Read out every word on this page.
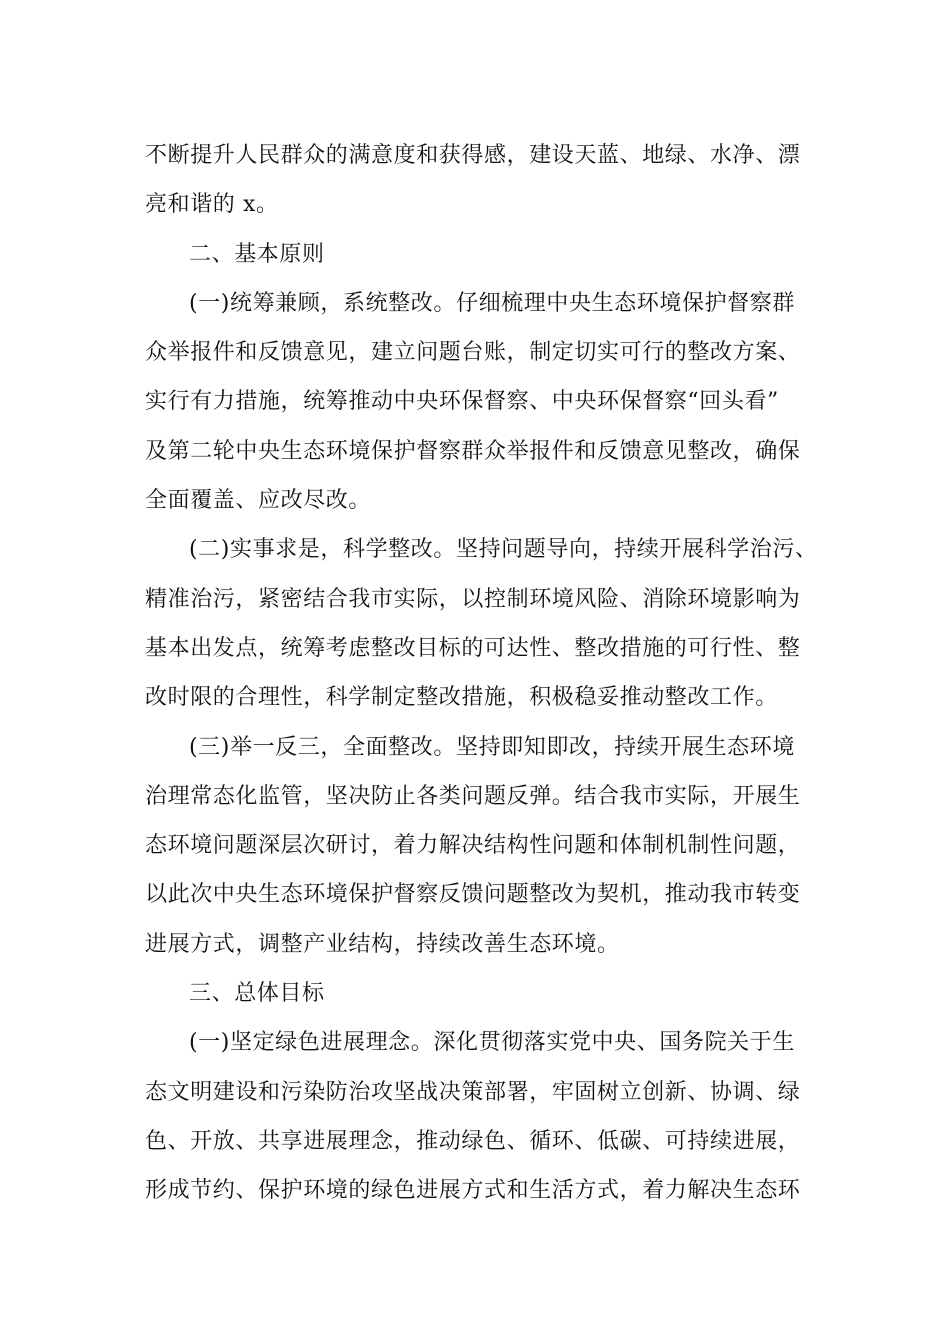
不断提升人民群众的满意度和获得感，建设天蓝、地绿、水净、漂
亮和谐的 x。
二、基本原则
(一)统筹兼顾，系统整改。仔细梳理中央生态环境保护督察群
众举报件和反馈意见，建立问题台账，制定切实可行的整改方案、
实行有力措施，统筹推动中央环保督察、中央环保督察“回头看”
及第二轮中央生态环境保护督察群众举报件和反馈意见整改，确保
全面覆盖、应改尽改。
(二)实事求是，科学整改。坚持问题导向，持续开展科学治污、
精准治污，紧密结合我市实际，以控制环境风险、消除环境影响为
基本出发点，统筹考虑整改目标的可达性、整改措施的可行性、整
改时限的合理性，科学制定整改措施，积极稳妥推动整改工作。
(三)举一反三，全面整改。坚持即知即改，持续开展生态环境
治理常态化监管，坚决防止各类问题反弹。结合我市实际，开展生
态环境问题深层次研讨，着力解决结构性问题和体制机制性问题，
以此次中央生态环境保护督察反馈问题整改为契机，推动我市转变
进展方式，调整产业结构，持续改善生态环境。
三、总体目标
(一)坚定绿色进展理念。深化贯彻落实党中央、国务院关于生
态文明建设和污染防治攻坚战决策部署，牢固树立创新、协调、绿
色、开放、共享进展理念，推动绿色、循环、低碳、可持续进展，
形成节约、保护环境的绿色进展方式和生活方式，着力解决生态环
